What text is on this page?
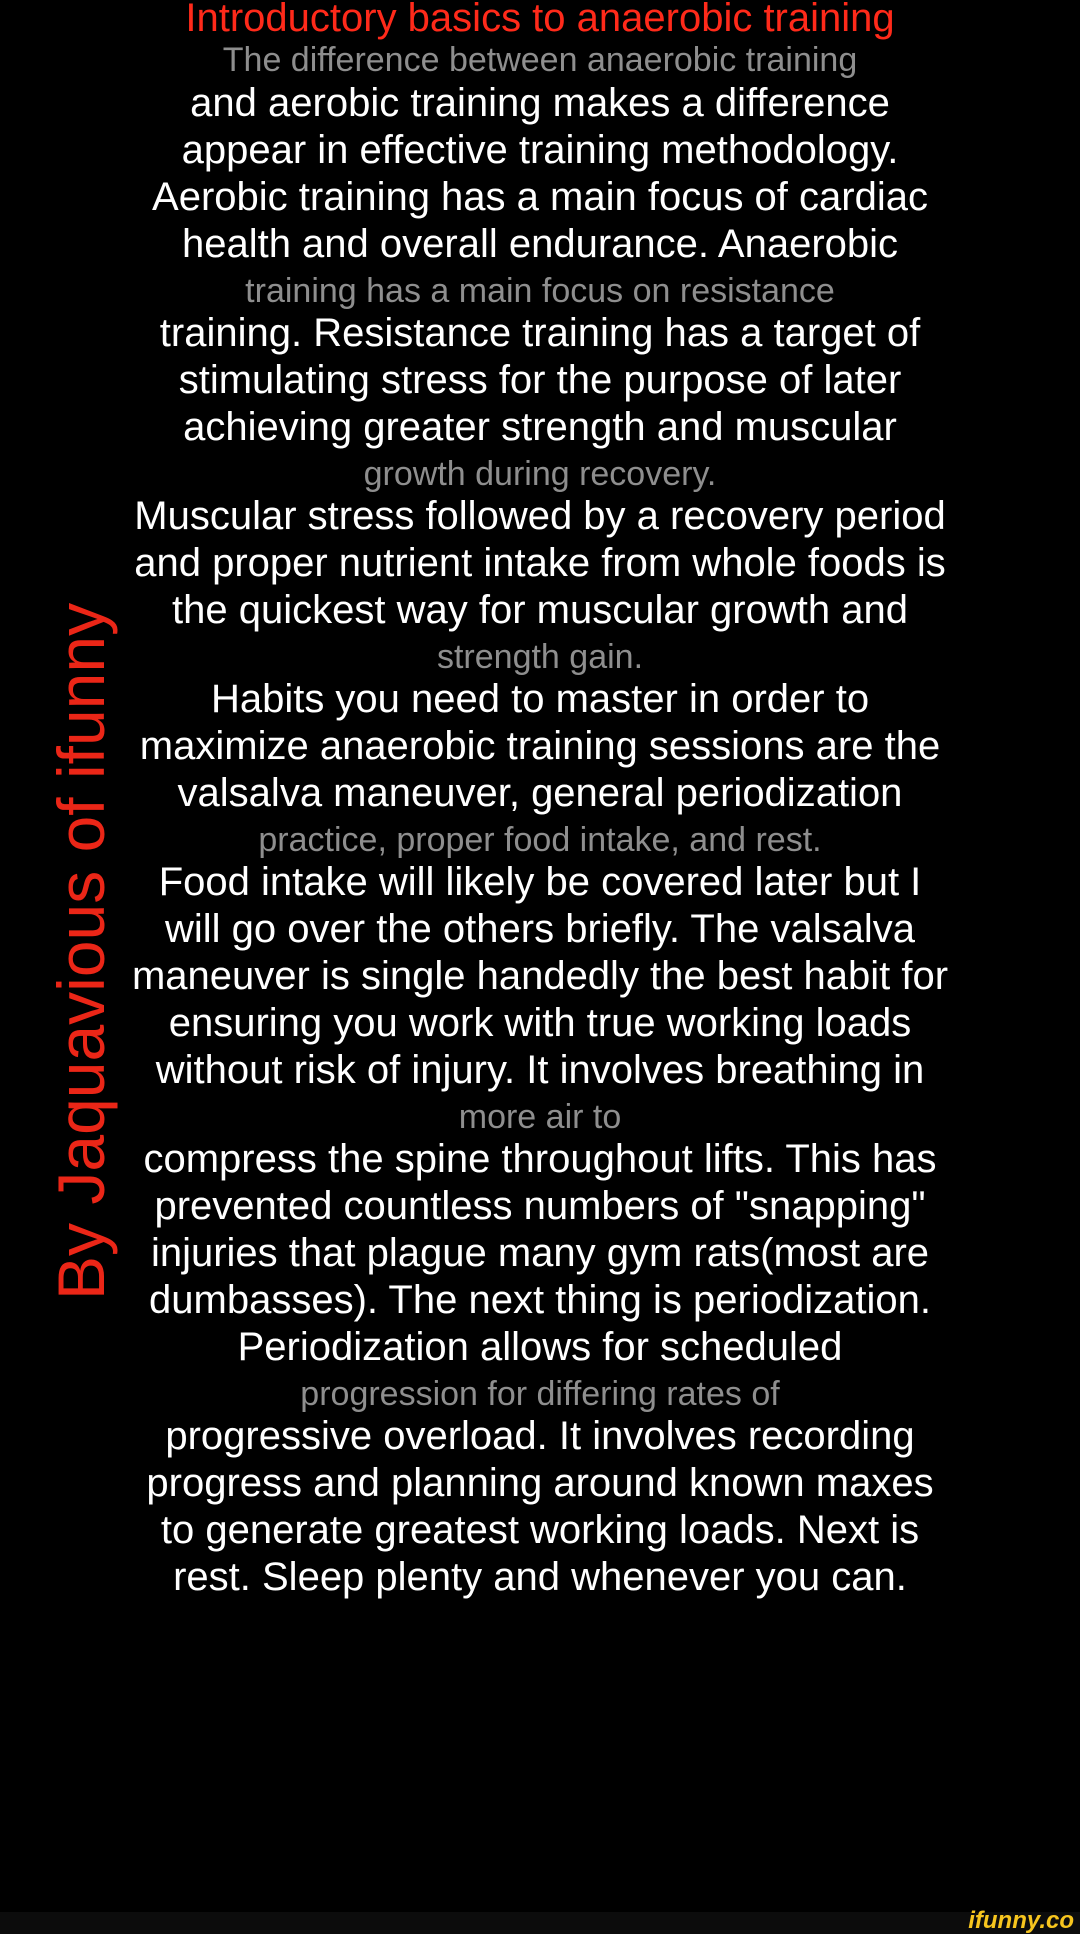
Introductory basics to anaerobic training
The difference between anaerobic training
and aerobic training makes a difference
appear in effective training methodology.
Aerobic training has a main focus of cardiac
health and overall endurance. Anaerobic
training has a main focus on resistance
training. Resistance training has a target of
stimulating stress for the purpose of later
achieving greater strength and muscular
growth during recovery.
Muscular stress followed by a recovery period
and proper nutrient intake from whole foods is
the quickest way for muscular growth and
strength gain.
Habits you need to master in order to
maximize anaerobic training sessions are the
valsalva maneuver, general periodization
practice, proper food intake, and rest.
Food intake will likely be covered later but I
will go over the others briefly. The valsalva
maneuver is single handedly the best habit for
ensuring you work with true working loads
without risk of injury. It involves breathing in
more air to
compress the spine throughout lifts. This has
prevented countless numbers of "snapping"
injuries that plague many gym rats(most are
dumbasses). The next thing is periodization.
Periodization allows for scheduled
progression for differing rates of
progressive overload. It involves recording
progress and planning around known maxes
to generate greatest working loads. Next is
rest. Sleep plenty and whenever you can.
By Jaquavious of ifunny
ifunny.co
